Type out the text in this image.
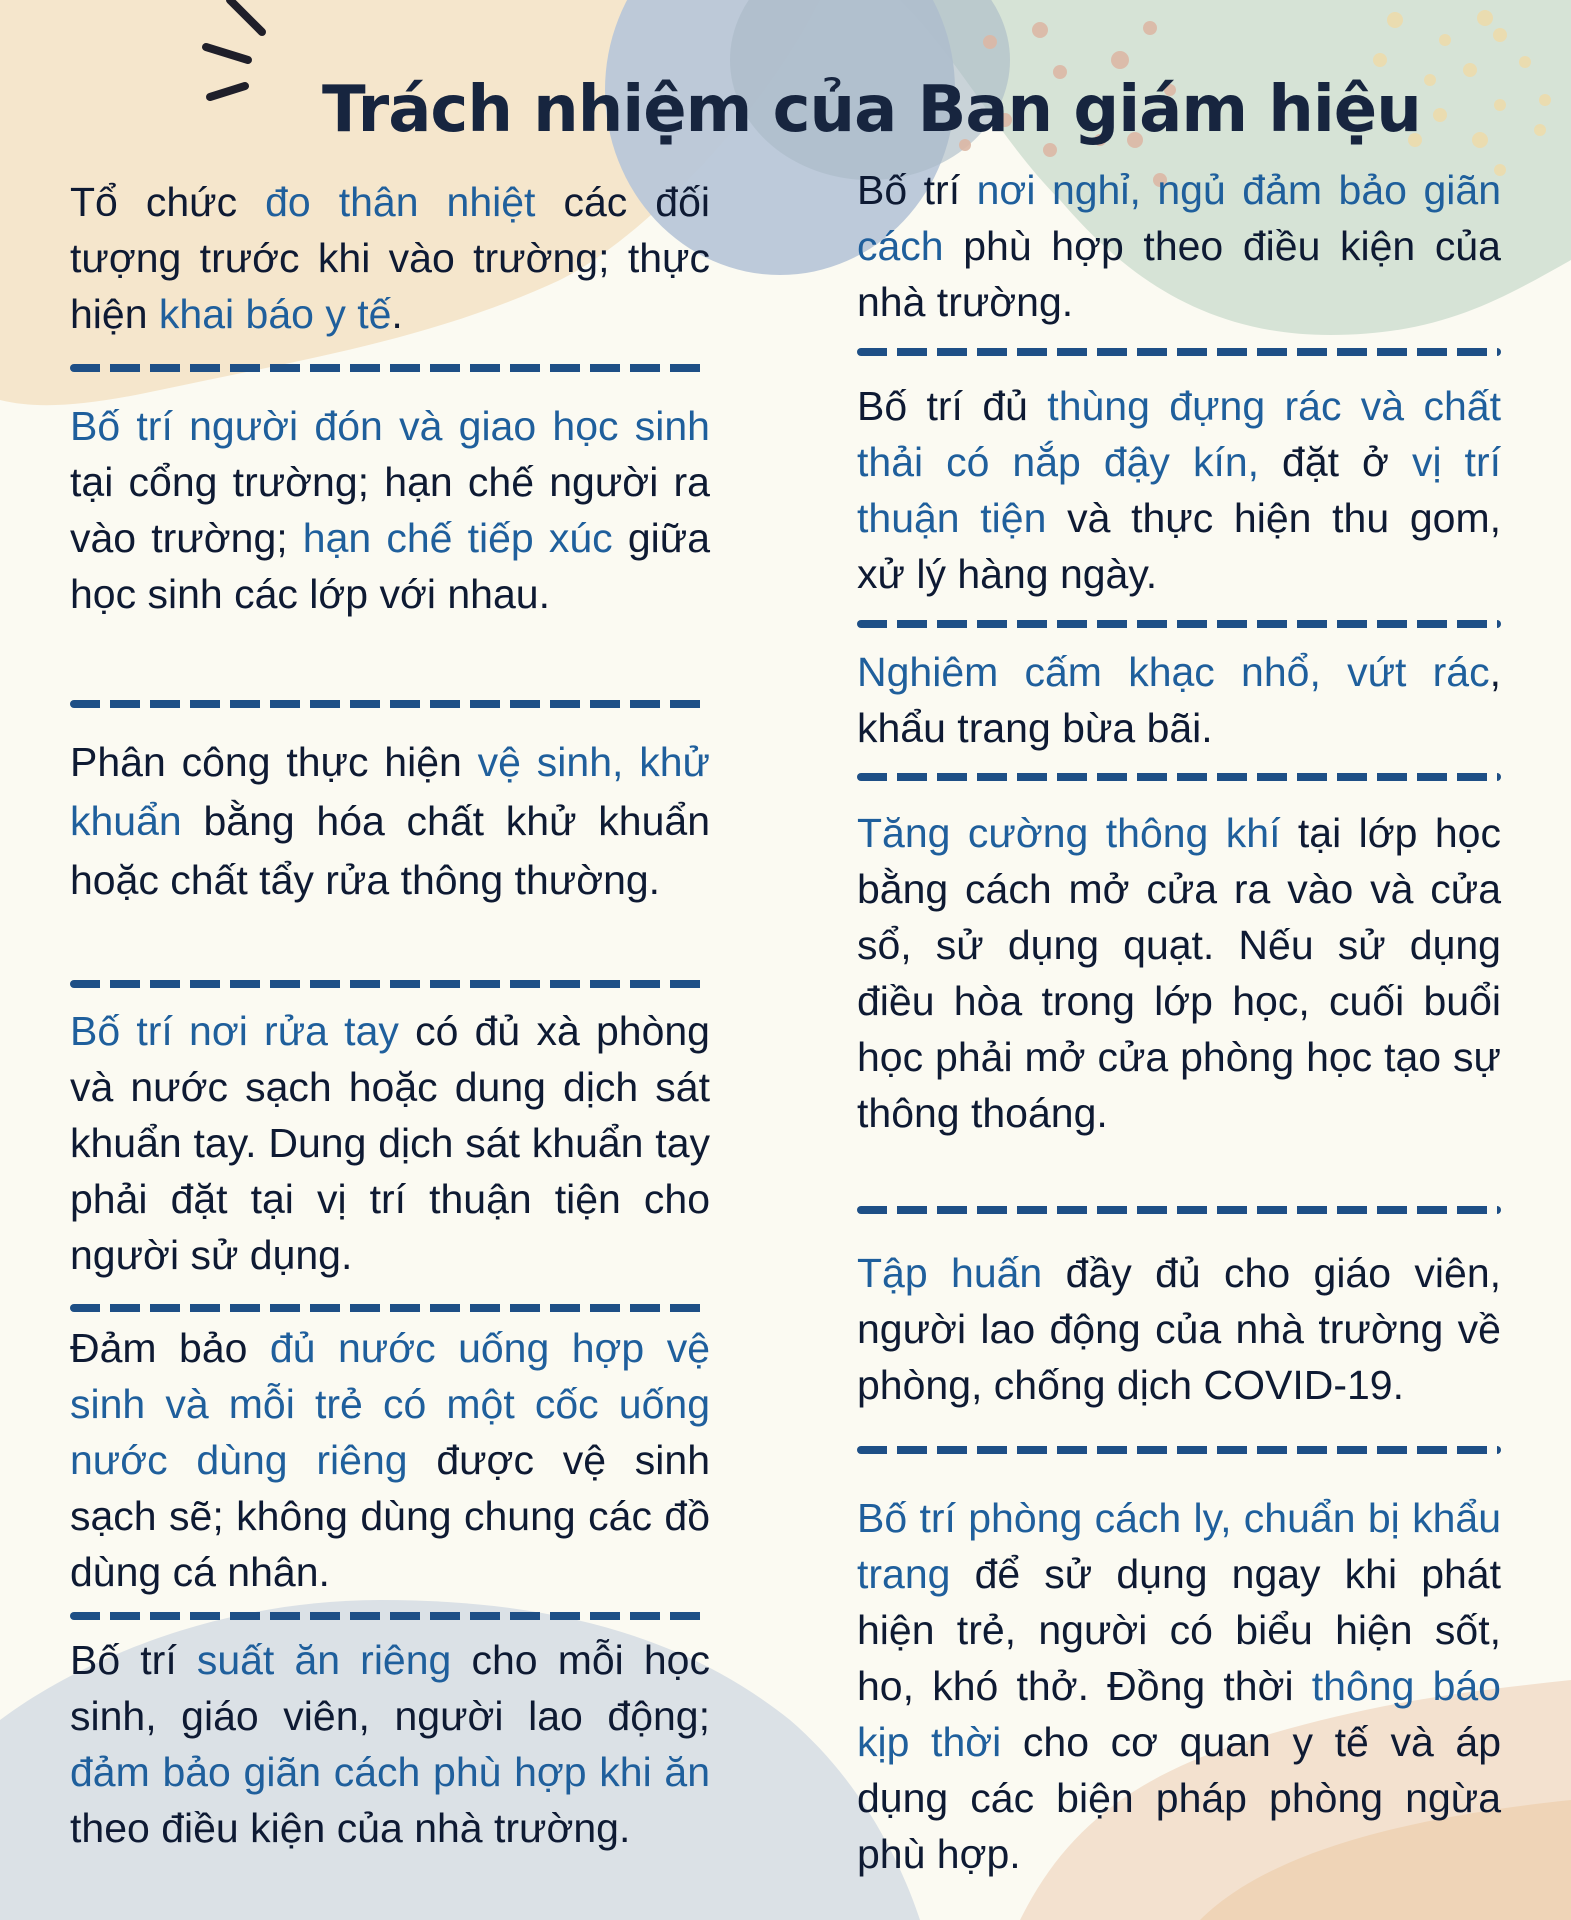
Trách nhiệm của Ban giám hiệu
Tổ chức đo thân nhiệt các đối tượng trước khi vào trường; thực hiện khai báo y tế.
Bố trí người đón và giao học sinh tại cổng trường; hạn chế người ra vào trường; hạn chế tiếp xúc giữa học sinh các lớp với nhau.
Phân công thực hiện vệ sinh, khử khuẩn bằng hóa chất khử khuẩn hoặc chất tẩy rửa thông thường.
Bố trí nơi rửa tay có đủ xà phòng và nước sạch hoặc dung dịch sát khuẩn tay. Dung dịch sát khuẩn tay phải đặt tại vị trí thuận tiện cho người sử dụng.
Đảm bảo đủ nước uống hợp vệ sinh và mỗi trẻ có một cốc uống nước dùng riêng được vệ sinh sạch sẽ; không dùng chung các đồ dùng cá nhân.
Bố trí suất ăn riêng cho mỗi học sinh, giáo viên, người lao động; đảm bảo giãn cách phù hợp khi ăn theo điều kiện của nhà trường.
Bố trí nơi nghỉ, ngủ đảm bảo giãn cách phù hợp theo điều kiện của nhà trường.
Bố trí đủ thùng đựng rác và chất thải có nắp đậy kín, đặt ở vị trí thuận tiện và thực hiện thu gom, xử lý hàng ngày.
Nghiêm cấm khạc nhổ, vứt rác, khẩu trang bừa bãi.
Tăng cường thông khí tại lớp học bằng cách mở cửa ra vào và cửa sổ, sử dụng quạt. Nếu sử dụng điều hòa trong lớp học, cuối buổi học phải mở cửa phòng học tạo sự thông thoáng.
Tập huấn đầy đủ cho giáo viên, người lao động của nhà trường về phòng, chống dịch COVID-19.
Bố trí phòng cách ly, chuẩn bị khẩu trang để sử dụng ngay khi phát hiện trẻ, người có biểu hiện sốt, ho, khó thở. Đồng thời thông báo kịp thời cho cơ quan y tế và áp dụng các biện pháp phòng ngừa phù hợp.
